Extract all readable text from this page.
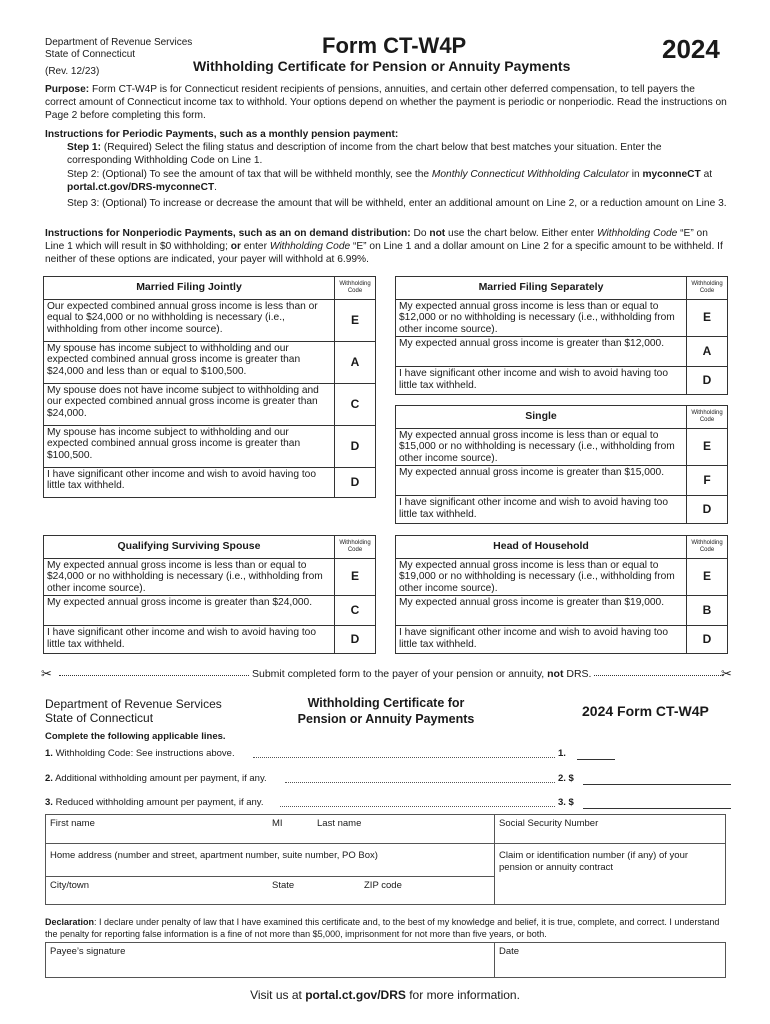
Department of Revenue Services
State of Connecticut
(Rev. 12/23)
Form CT-W4P	2024
Withholding Certificate for Pension or Annuity Payments
Purpose: Form CT-W4P is for Connecticut resident recipients of pensions, annuities, and certain other deferred compensation, to tell payers the correct amount of Connecticut income tax to withhold. Your options depend on whether the payment is periodic or nonperiodic. Read the instructions on Page 2 before completing this form.
Instructions for Periodic Payments, such as a monthly pension payment:
Step 1: (Required) Select the filing status and description of income from the chart below that best matches your situation. Enter the corresponding Withholding Code on Line 1.
Step 2: (Optional) To see the amount of tax that will be withheld monthly, see the Monthly Connecticut Withholding Calculator in myconneCT at portal.ct.gov/DRS-myconneCT.
Step 3: (Optional) To increase or decrease the amount that will be withheld, enter an additional amount on Line 2, or a reduction amount on Line 3.
Instructions for Nonperiodic Payments, such as an on demand distribution: Do not use the chart below. Either enter Withholding Code “E” on Line 1 which will result in $0 withholding; or enter Withholding Code “E” on Line 1 and a dollar amount on Line 2 for a specific amount to be withheld. If neither of these options are indicated, your payer will withhold at 6.99%.
Married Filing Jointly	Withholding Code
Our expected combined annual gross income is less than or equal to $24,000 or no withholding is necessary (i.e., withholding from other income source).	E
My spouse has income subject to withholding and our expected combined annual gross income is greater than $24,000 and less than or equal to $100,500.	A
My spouse does not have income subject to withholding and our expected combined annual gross income is greater than $24,000.	C
My spouse has income subject to withholding and our expected combined annual gross income is greater than $100,500.	D
I have significant other income and wish to avoid having too little tax withheld.	D
Married Filing Separately	Withholding Code
My expected annual gross income is less than or equal to $12,000 or no withholding is necessary (i.e., withholding from other income source).	E
My expected annual gross income is greater than $12,000.	A
I have significant other income and wish to avoid having too little tax withheld.	D
Single	Withholding Code
My expected annual gross income is less than or equal to $15,000 or no withholding is necessary (i.e., withholding from other income source).	E
My expected annual gross income is greater than $15,000.	F
I have significant other income and wish to avoid having too little tax withheld.	D
Qualifying Surviving Spouse	Withholding Code
My expected annual gross income is less than or equal to $24,000 or no withholding is necessary (i.e., withholding from other income source).	E
My expected annual gross income is greater than $24,000.	C
I have significant other income and wish to avoid having too little tax withheld.	D
Head of Household	Withholding Code
My expected annual gross income is less than or equal to $19,000 or no withholding is necessary (i.e., withholding from other income source).	E
My expected annual gross income is greater than $19,000.	B
I have significant other income and wish to avoid having too little tax withheld.	D
✂	Submit completed form to the payer of your pension or annuity, not DRS.	✂
Department of Revenue Services
State of Connecticut
Withholding Certificate for
Pension or Annuity Payments	2024 Form CT-W4P
Complete the following applicable lines.
1. Withholding Code: See instructions above.	1.
2. Additional withholding amount per payment, if any.	2. $
3. Reduced withholding amount per payment, if any.	3. $
First name	MI	Last name	Social Security Number
Home address (number and street, apartment number, suite number, PO Box)	Claim or identification number (if any) of your pension or annuity contract
City/town	State	ZIP code
Declaration: I declare under penalty of law that I have examined this certificate and, to the best of my knowledge and belief, it is true, complete, and correct. I understand the penalty for reporting false information is a fine of not more than $5,000, imprisonment for not more than five years, or both.
Payee’s signature	Date
Visit us at portal.ct.gov/DRS for more information.
